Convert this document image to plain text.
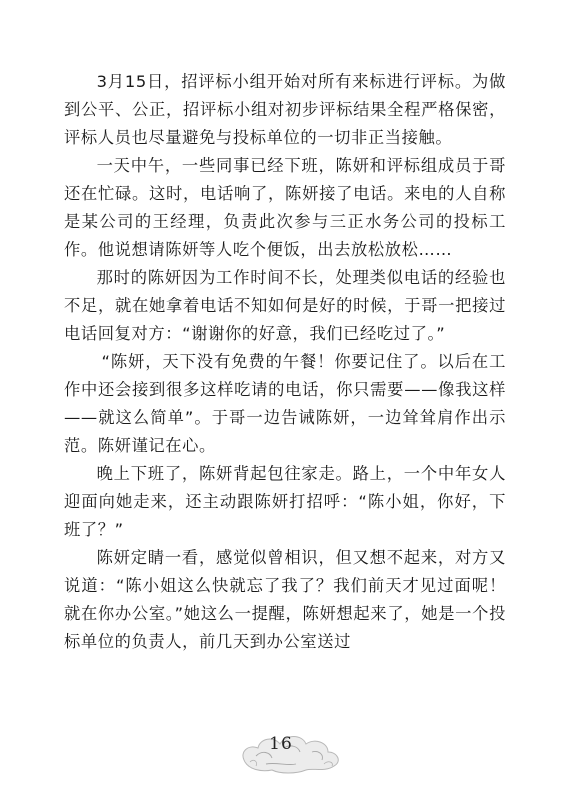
3月15日，招评标小组开始对所有来标进行评标。为做到公平、公正，招评标小组对初步评标结果全程严格保密，评标人员也尽量避免与投标单位的一切非正当接触。

一天中午，一些同事已经下班，陈妍和评标组成员于哥还在忙碌。这时，电话响了，陈妍接了电话。来电的人自称是某公司的王经理，负责此次参与三正水务公司的投标工作。他说想请陈妍等人吃个便饭，出去放松放松……

那时的陈妍因为工作时间不长，处理类似电话的经验也不足，就在她拿着电话不知如何是好的时候，于哥一把接过电话回复对方：“谢谢你的好意，我们已经吃过了。”

“陈妍，天下没有免费的午餐！你要记住了。以后在工作中还会接到很多这样吃请的电话，你只需要——像我这样——就这么简单”。于哥一边告诫陈妍，一边耸耸肩作出示范。陈妍谨记在心。

晚上下班了，陈妍背起包往家走。路上，一个中年女人迎面向她走来，还主动跟陈妍打招呼：“陈小姐，你好，下班了？”

陈妍定睛一看，感觉似曾相识，但又想不起来，对方又说道：“陈小姐这么快就忘了我了？我们前天才见过面呢！就在你办公室。”她这么一提醒，陈妍想起来了，她是一个投标单位的负责人，前几天到办公室送过

16
